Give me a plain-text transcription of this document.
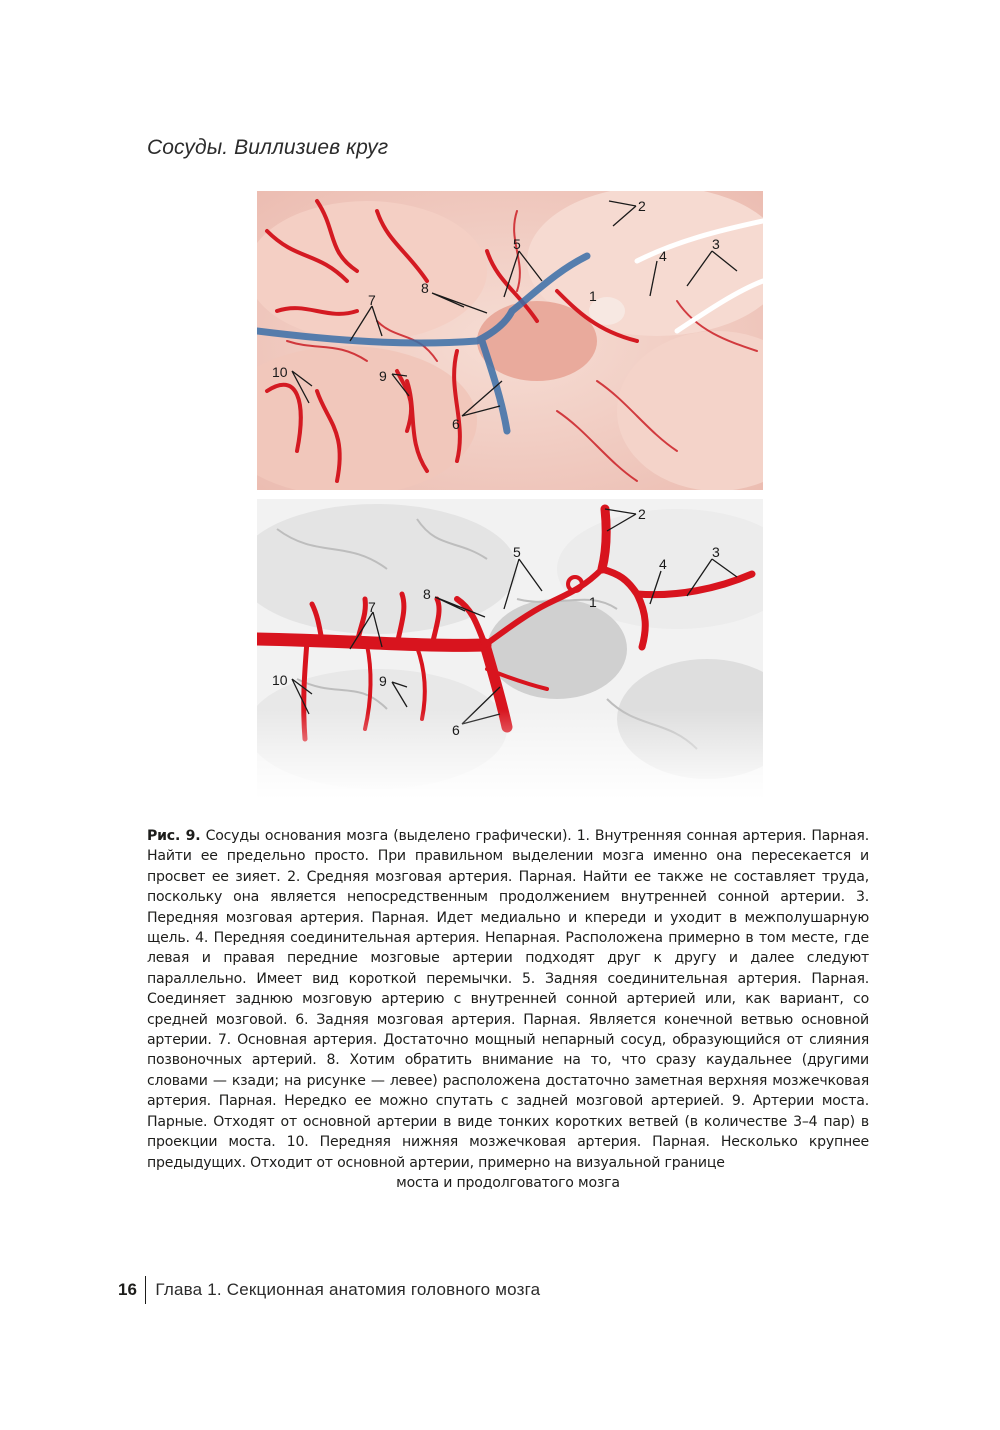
Сосуды. Виллизиев круг
2
5	3
4
1
8
7
9
10
6
2
5	3
4
1
8
7
9
10
6
Рис. 9. Сосуды основания мозга (выделено графически). 1. Внутренняя сонная артерия. Парная. Найти ее предельно просто. При правильном выделении мозга именно она пересекается и просвет ее зияет. 2. Средняя мозговая артерия. Парная. Найти ее также не составляет труда, поскольку она является непосредственным продолжением внутренней сонной артерии. 3. Передняя мозговая артерия. Парная. Идет медиально и кпереди и уходит в межполушарную щель. 4. Передняя соединительная артерия. Непарная. Расположена примерно в том месте, где левая и правая передние мозговые артерии подходят друг к другу и далее следуют параллельно. Имеет вид короткой перемычки. 5. Задняя соединительная артерия. Парная. Соединяет заднюю мозговую артерию с внутренней сонной артерией или, как вариант, со средней мозговой. 6. Задняя мозговая артерия. Парная. Является конечной ветвью основной артерии. 7. Основная артерия. Достаточно мощный непарный сосуд, образующийся от слияния позвоночных артерий. 8. Хотим обратить внимание на то, что сразу каудальнее (другими словами — кзади; на рисунке — левее) расположена достаточно заметная верхняя мозжечковая артерия. Парная. Нередко ее можно спутать с задней мозговой артерией. 9. Артерии моста. Парные. Отходят от основной артерии в виде тонких коротких ветвей (в количестве 3–4 пар) в проекции моста. 10. Передняя нижняя мозжечковая артерия. Парная. Несколько крупнее предыдущих. Отходит от основной артерии, примерно на визуальной границе
моста и продолговатого мозга
16 Глава 1. Секционная анатомия головного мозга
